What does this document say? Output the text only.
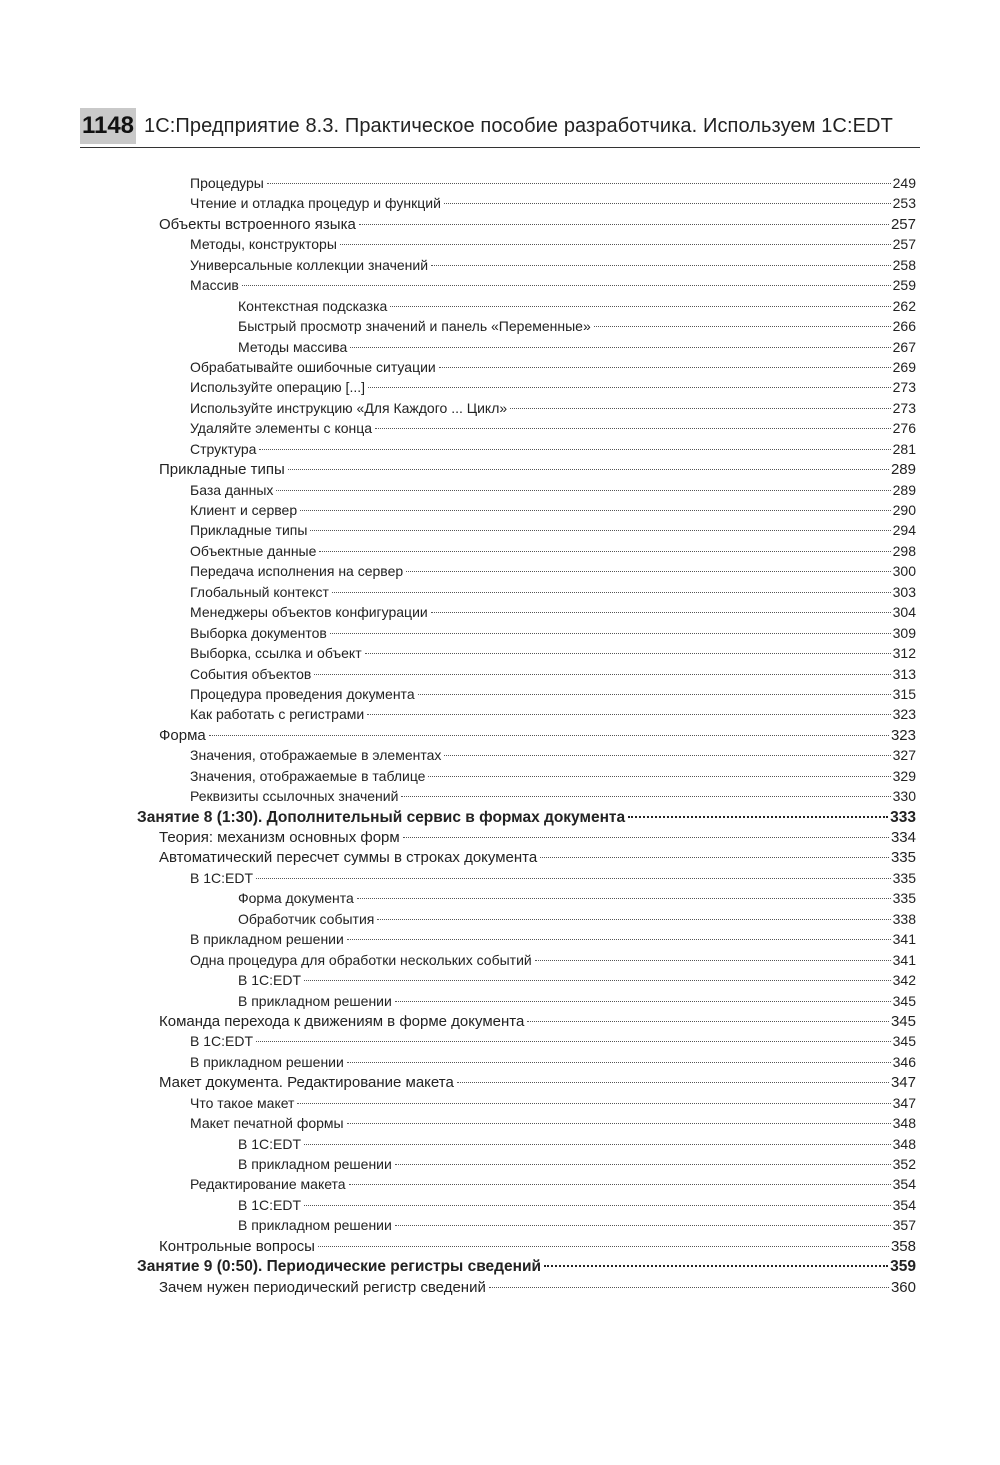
1148 1С:Предприятие 8.3. Практическое пособие разработчика. Используем 1С:EDT
Процедуры	249
Чтение и отладка процедур и функций	253
Объекты встроенного языка	257
Методы, конструкторы	257
Универсальные коллекции значений	258
Массив	259
Контекстная подсказка	262
Быстрый просмотр значений и панель «Переменные»	266
Методы массива	267
Обрабатывайте ошибочные ситуации	269
Используйте операцию [...]	273
Используйте инструкцию «Для Каждого ... Цикл»	273
Удаляйте элементы с конца	276
Структура	281
Прикладные типы	289
База данных	289
Клиент и сервер	290
Прикладные типы	294
Объектные данные	298
Передача исполнения на сервер	300
Глобальный контекст	303
Менеджеры объектов конфигурации	304
Выборка документов	309
Выборка, ссылка и объект	312
События объектов	313
Процедура проведения документа	315
Как работать с регистрами	323
Форма	323
Значения, отображаемые в элементах	327
Значения, отображаемые в таблице	329
Реквизиты ссылочных значений	330
Занятие 8 (1:30). Дополнительный сервис в формах документа	333
Теория: механизм основных форм	334
Автоматический пересчет суммы в строках документа	335
В 1С:EDT	335
Форма документа	335
Обработчик события	338
В прикладном решении	341
Одна процедура для обработки нескольких событий	341
В 1С:EDT	342
В прикладном решении	345
Команда перехода к движениям в форме документа	345
В 1С:EDT	345
В прикладном решении	346
Макет документа. Редактирование макета	347
Что такое макет	347
Макет печатной формы	348
В 1С:EDT	348
В прикладном решении	352
Редактирование макета	354
В 1С:EDT	354
В прикладном решении	357
Контрольные вопросы	358
Занятие 9 (0:50). Периодические регистры сведений	359
Зачем нужен периодический регистр сведений	360
